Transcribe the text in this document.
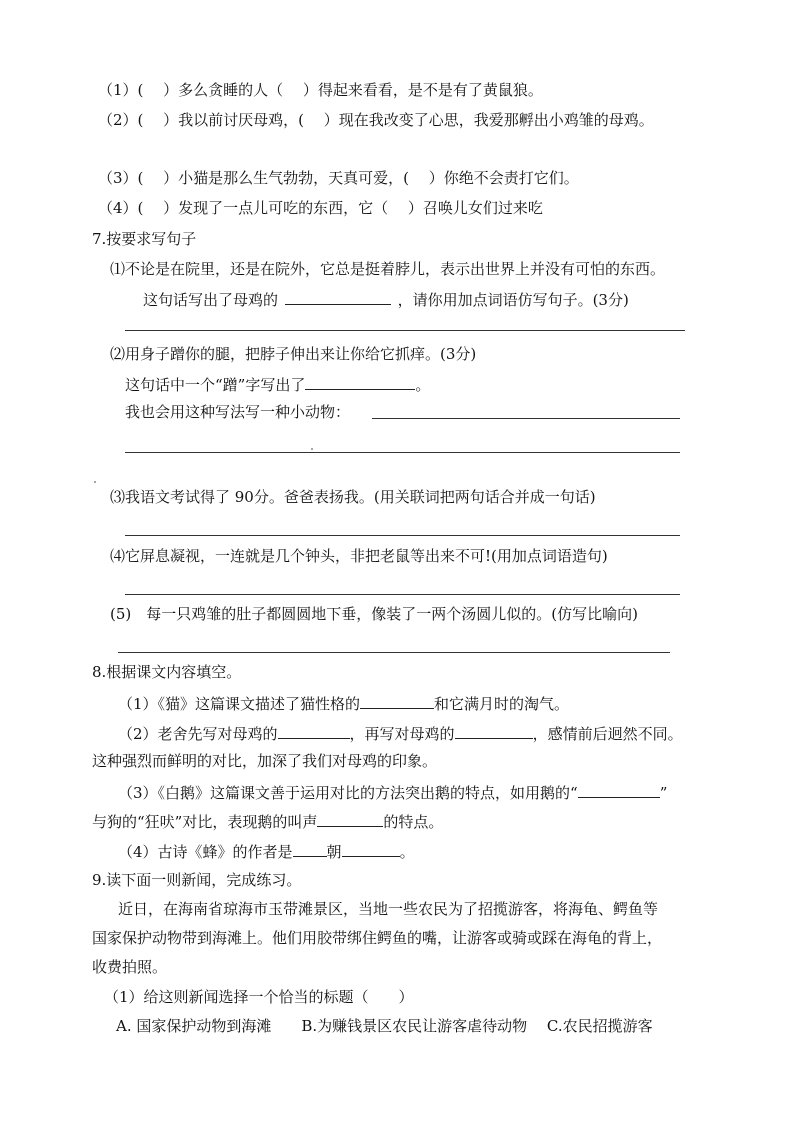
（1）(　 ）多么贪睡的人（　 ）得起来看看，是不是有了黄鼠狼。
（2）(　 ）我以前讨厌母鸡，(　 ）现在我改变了心思，我爱那孵出小鸡雏的母鸡。
（3）(　 ）小猫是那么生气勃勃，天真可爱，(　 ）你绝不会责打它们。
（4）(　 ）发现了一点儿可吃的东西，它（　 ）召唤儿女们过来吃
7.按要求写句子
⑴不论是在院里，还是在院外，它总是挺着脖儿，表示出世界上并没有可怕的东西。
这句话写出了母鸡的	，请你用加点词语仿写句子。(3分)
⑵用身子蹭你的腿，把脖子伸出来让你给它抓痒。(3分)
这句话中一个“蹭”字写出了	。
我也会用这种写法写一种小动物：
⑶我语文考试得了 90分。爸爸表扬我。(用关联词把两句话合并成一句话)
⑷它屏息凝视，一连就是几个钟头，非把老鼠等出来不可!(用加点词语造句)
(5)　每一只鸡雏的肚子都圆圆地下垂，像装了一两个汤圆儿似的。(仿写比喻向)
8.根据课文内容填空。
（1）《猫》这篇课文描述了猫性格的	和它满月时的淘气。
（2）老舍先写对母鸡的	，再写对母鸡的	，感情前后迥然不同。
这种强烈而鲜明的对比，加深了我们对母鸡的印象。
（3）《白鹅》这篇课文善于运用对比的方法突出鹅的特点，如用鹅的“	”
与狗的“狂吠”对比，表现鹅的叫声	的特点。
（4）古诗《蜂》的作者是 朝	。
9.读下面一则新闻，完成练习。
近日，在海南省琼海市玉带滩景区，当地一些农民为了招揽游客，将海龟、鳄鱼等
国家保护动物带到海滩上。他们用胶带绑住鳄鱼的嘴，让游客或骑或踩在海龟的背上，
收费拍照。
（1）给这则新闻选择一个恰当的标题（　　）
A. 国家保护动物到海滩　　B.为赚钱景区农民让游客虐待动物　 C.农民招揽游客
